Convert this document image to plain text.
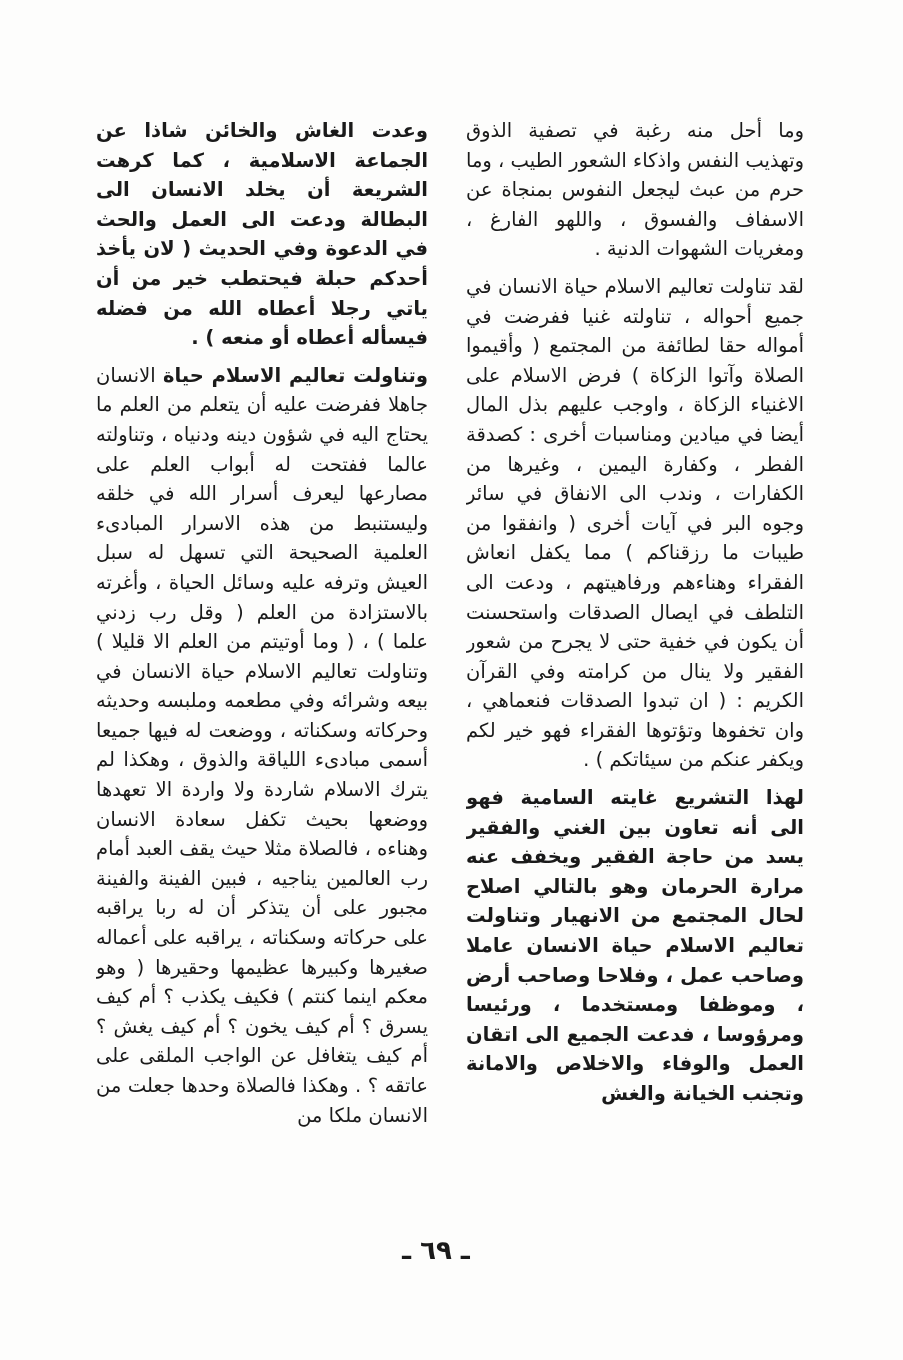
وما أحل منه رغبة في تصفية الذوق وتهذيب النفس واذكاء الشعور الطيب ، وما حرم من عبث ليجعل النفوس بمنجاة عن الاسفاف والفسوق ، واللهو الفارغ ، ومغريات الشهوات الدنية .

لقد تناولت تعاليم الاسلام حياة الانسان في جميع أحواله ، تناولته غنيا ففرضت في أمواله حقا لطائفة من المجتمع ( وأقيموا الصلاة وآتوا الزكاة ) فرض الاسلام على الاغنياء الزكاة ، واوجب عليهم بذل المال أيضا في ميادين ومناسبات أخرى : كصدقة الفطر ، وكفارة اليمين ، وغيرها من الكفارات ، وندب الى الانفاق في سائر وجوه البر في آيات أخرى ( وانفقوا من طيبات ما رزقناكم ) مما يكفل انعاش الفقراء وهناءهم ورفاهيتهم ، ودعت الى التلطف في ايصال الصدقات واستحسنت أن يكون في خفية حتى لا يجرح من شعور الفقير ولا ينال من كرامته وفي القرآن الكريم : ( ان تبدوا الصدقات فنعماهي ، وان تخفوها وتؤتوها الفقراء فهو خير لكم ويكفر عنكم من سيئاتكم ) .

لهذا التشريع غايته السامية فهو الى أنه تعاون بين الغني والفقير يسد من حاجة الفقير ويخفف عنه مرارة الحرمان وهو بالتالي اصلاح لحال المجتمع من الانهيار وتناولت تعاليم الاسلام حياة الانسان عاملا وصاحب عمل ، وفلاحا وصاحب أرض ، وموظفا ومستخدما ، ورئيسا ومرؤوسا ، فدعت الجميع الى اتقان العمل والوفاء والاخلاص والامانة وتجنب الخيانة والغش

وعدت الغاش والخائن شاذا عن الجماعة الاسلامية ، كما كرهت الشريعة أن يخلد الانسان الى البطالة ودعت الى العمل والحث في الدعوة وفي الحديث ( لان يأخذ أحدكم حبلة فيحتطب خير من أن ياتي رجلا أعطاه الله من فضله فيسأله أعطاه أو منعه ) .

وتناولت تعاليم الاسلام حياة الانسان جاهلا ففرضت عليه أن يتعلم من العلم ما يحتاج اليه في شؤون دينه ودنياه ، وتناولته عالما ففتحت له أبواب العلم على مصارعها ليعرف أسرار الله في خلقه وليستنبط من هذه الاسرار المبادىء العلمية الصحيحة التي تسهل له سبل العيش وترفه عليه وسائل الحياة ، وأغرته بالاستزادة من العلم ( وقل رب زدني علما ) ، ( وما أوتيتم من العلم الا قليلا ) وتناولت تعاليم الاسلام حياة الانسان في بيعه وشرائه وفي مطعمه وملبسه وحديثه وحركاته وسكناته ، ووضعت له فيها جميعا أسمى مبادىء اللياقة والذوق ، وهكذا لم يترك الاسلام شاردة ولا واردة الا تعهدها ووضعها بحيث تكفل سعادة الانسان وهناءه ، فالصلاة مثلا حيث يقف العبد أمام رب العالمين يناجيه ، فبين الفينة والفينة مجبور على أن يتذكر أن له ربا يراقبه على حركاته وسكناته ، يراقبه على أعماله صغيرها وكبيرها عظيمها وحقيرها ( وهو معكم اينما كنتم ) فكيف يكذب ؟ أم كيف يسرق ؟ أم كيف يخون ؟ أم كيف يغش ؟ أم كيف يتغافل عن الواجب الملقى على عاتقه ؟ . وهكذا فالصلاة وحدها جعلت من الانسان ملكا من

ـ ٦٩ ـ
